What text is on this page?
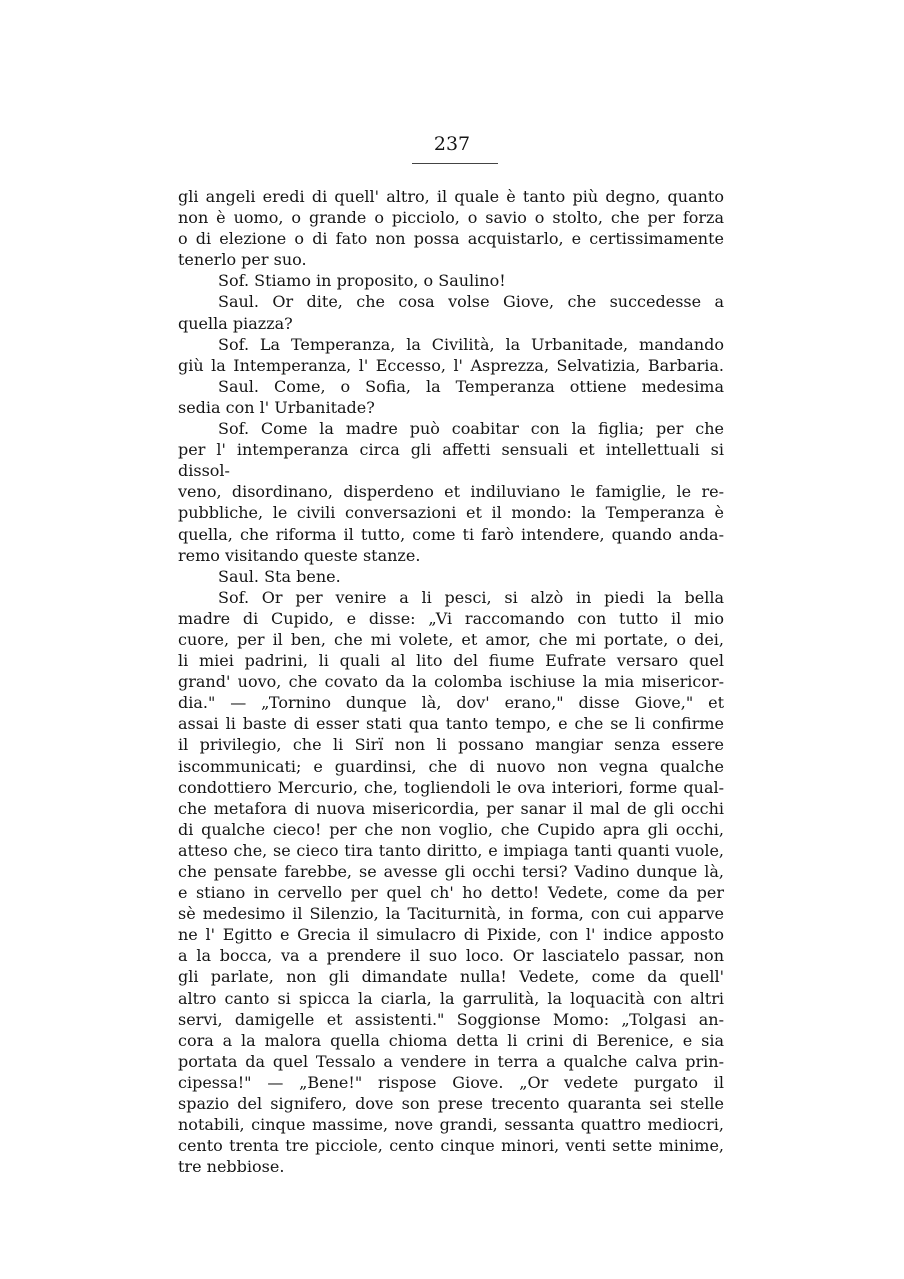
237
gli angeli eredi di quell' altro, il quale è tanto più degno, quanto
non è uomo, o grande o picciolo, o savio o stolto, che per forza
o di elezione o di fato non possa acquistarlo, e certissimamente
tenerlo per suo.
Sof. Stiamo in proposito, o Saulino!
Saul. Or dite, che cosa volse Giove, che succedesse a
quella piazza?
Sof. La Temperanza, la Civilità, la Urbanitade, mandando
giù la Intemperanza, l' Eccesso, l' Asprezza, Selvatizia, Barbaria.
Saul. Come, o Sofia, la Temperanza ottiene medesima
sedia con l' Urbanitade?
Sof. Come la madre può coabitar con la figlia; per che
per l' intemperanza circa gli affetti sensuali et intellettuali si dissol-
veno, disordinano, disperdeno et indiluviano le famiglie, le re-
pubbliche, le civili conversazioni et il mondo: la Temperanza è
quella, che riforma il tutto, come ti farò intendere, quando anda-
remo visitando queste stanze.
Saul. Sta bene.
Sof. Or per venire a li pesci, si alzò in piedi la bella
madre di Cupido, e disse: „Vi raccomando con tutto il mio
cuore, per il ben, che mi volete, et amor, che mi portate, o dei,
li miei padrini, li quali al lito del fiume Eufrate versaro quel
grand' uovo, che covato da la colomba ischiuse la mia misericor-
dia." — „Tornino dunque là, dov' erano," disse Giove," et
assai li baste di esser stati qua tanto tempo, e che se li confirme
il privilegio, che li Sirï non li possano mangiar senza essere
iscommunicati; e guardinsi, che di nuovo non vegna qualche
condottiero Mercurio, che, togliendoli le ova interiori, forme qual-
che metafora di nuova misericordia, per sanar il mal de gli occhi
di qualche cieco! per che non voglio, che Cupido apra gli occhi,
atteso che, se cieco tira tanto diritto, e impiaga tanti quanti vuole,
che pensate farebbe, se avesse gli occhi tersi? Vadino dunque là,
e stiano in cervello per quel ch' ho detto! Vedete, come da per
sè medesimo il Silenzio, la Taciturnità, in forma, con cui apparve
ne l' Egitto e Grecia il simulacro di Pixide, con l' indice apposto
a la bocca, va a prendere il suo loco. Or lasciatelo passar, non
gli parlate, non gli dimandate nulla! Vedete, come da quell'
altro canto si spicca la ciarla, la garrulità, la loquacità con altri
servi, damigelle et assistenti." Soggionse Momo: „Tolgasi an-
cora a la malora quella chioma detta li crini di Berenice, e sia
portata da quel Tessalo a vendere in terra a qualche calva prin-
cipessa!" — „Bene!" rispose Giove. „Or vedete purgato il
spazio del signifero, dove son prese trecento quaranta sei stelle
notabili, cinque massime, nove grandi, sessanta quattro mediocri,
cento trenta tre picciole, cento cinque minori, venti sette minime,
tre nebbiose.
